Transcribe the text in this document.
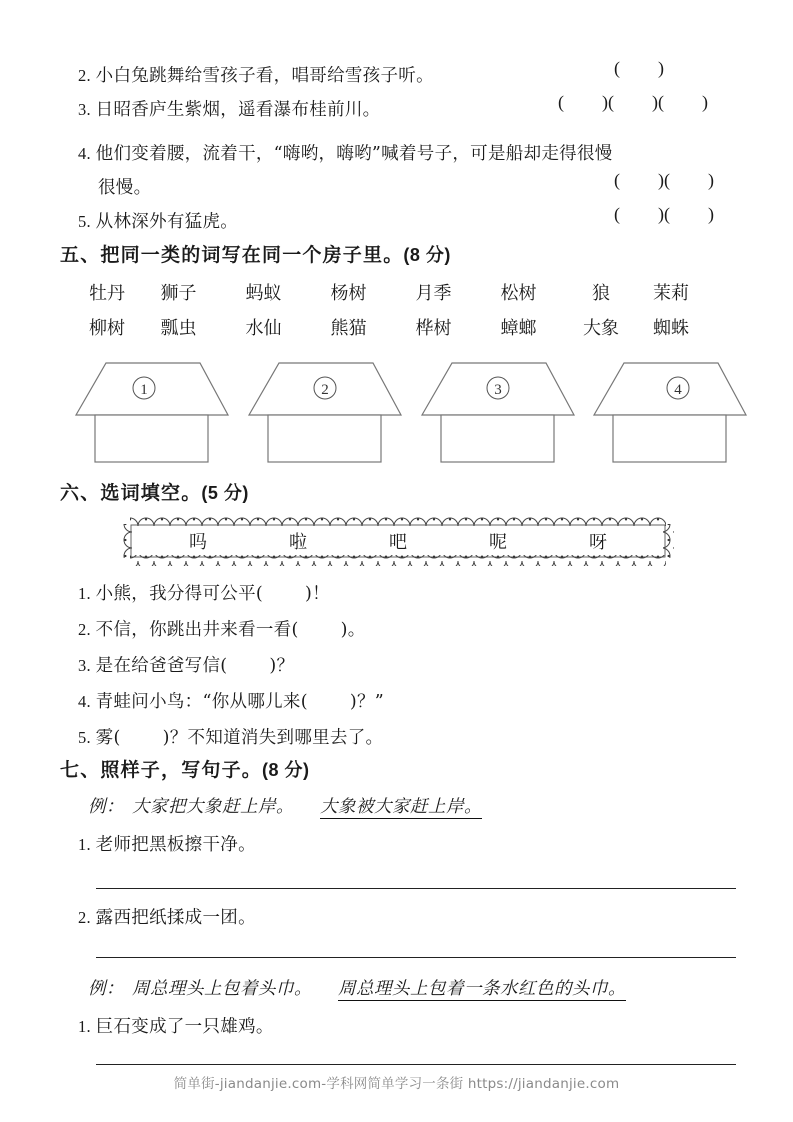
2. 小白兔跳舞给雪孩子看，唱哥给雪孩子听。	( )
3. 日昭香庐生紫烟，遥看瀑布桂前川。	( )( )( )
4. 他们变着腰，流着干，“嗨哟，嗨哟”喊着号子，可是船却走得很慢
很慢。	( )( )
5. 从林深外有猛虎。	( )( )
五、把同一类的词写在同一个房子里。(8 分)
牡丹 狮子	蚂蚁	杨树	月季	松树	狼 茉莉
柳树 瓢虫	水仙	熊猫	桦树	蟑螂	大象 蜘蛛
1	2	3	4
六、选词填空。(5 分)
吗	啦	吧	呢	呀
1. 小熊，我分得可公平( )！
2. 不信，你跳出井来看一看( )。
3. 是在给爸爸写信( )？
4. 青蛙问小鸟：“你从哪儿来( )？”
5. 雾( )？不知道消失到哪里去了。
七、照样子，写句子。(8 分)
例： 大家把大象赶上岸。 大象被大家赶上岸。
1. 老师把黑板擦干净。
2. 露西把纸揉成一团。
例： 周总理头上包着头巾。 周总理头上包着一条水红色的头巾。
1. 巨石变成了一只雄鸡。
简单街-jiandanjie.com-学科网简单学习一条街 https://jiandanjie.com
